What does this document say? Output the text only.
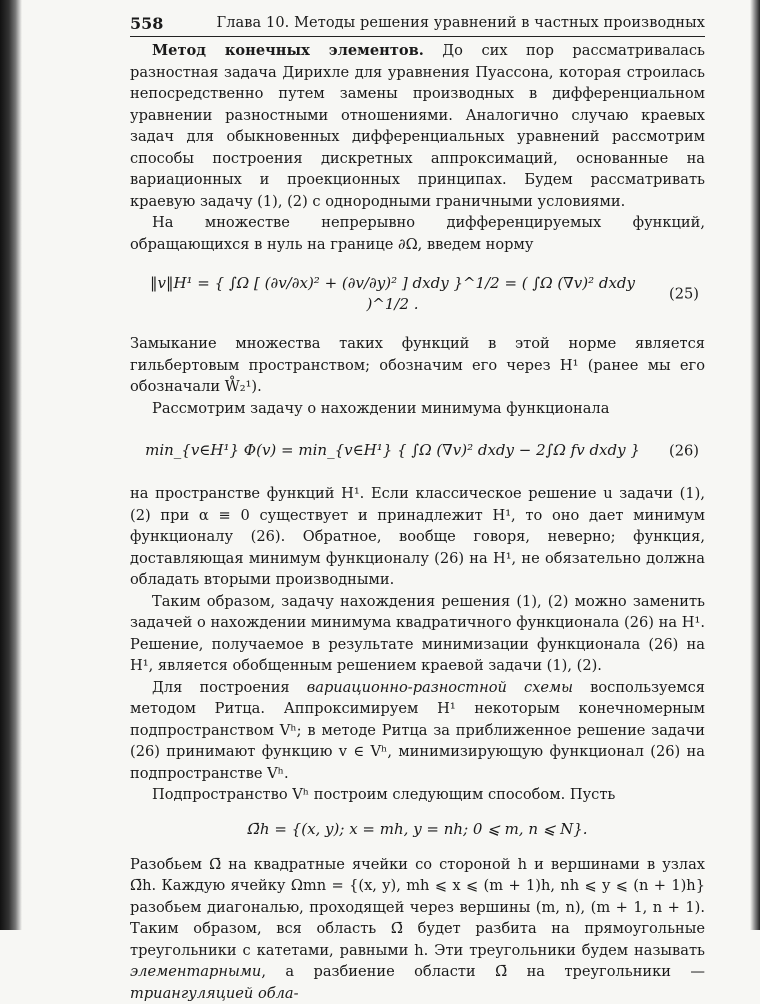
558	Глава 10. Методы решения уравнений в частных производных

Метод конечных элементов. До сих пор рассматривалась разностная задача Дирихле для уравнения Пуассона, которая строилась непосредственно путем замены производных в дифференциальном уравнении разностными отношениями. Аналогично случаю краевых задач для обыкновенных дифференциальных уравнений рассмотрим способы построения дискретных аппроксимаций, основанные на вариационных и проекционных принципах. Будем рассматривать краевую задачу (1), (2) с однородными граничными условиями.

На множестве непрерывно дифференцируемых функций, обращающихся в нуль на границе ∂Ω, введем норму

‖v‖H¹ = { ∫Ω [ (∂v/∂x)² + (∂v/∂y)² ] dxdy }^1/2 = ( ∫Ω (∇v)² dxdy )^1/2 .
(25)

Замыкание множества таких функций в этой норме является гильбертовым пространством; обозначим его через H¹ (ранее мы его обозначали W̊₂¹).

Рассмотрим задачу о нахождении минимума функционала

min_{v∈H¹} Φ(v) = min_{v∈H¹} { ∫Ω (∇v)² dxdy − 2∫Ω fv dxdy }	(26)

на пространстве функций H¹. Если классическое решение u задачи (1), (2) при α ≡ 0 существует и принадлежит H¹, то оно дает минимум функционалу (26). Обратное, вообще говоря, неверно; функция, доставляющая минимум функционалу (26) на H¹, не обязательно должна обладать вторыми производными.

Таким образом, задачу нахождения решения (1), (2) можно заменить задачей о нахождении минимума квадратичного функционала (26) на H¹. Решение, получаемое в результате минимизации функционала (26) на H¹, является обобщенным решением краевой задачи (1), (2).

Для построения вариационно-разностной схемы воспользуемся методом Ритца. Аппроксимируем H¹ некоторым конечномерным подпространством Vʰ; в методе Ритца за приближенное решение задачи (26) принимают функцию v ∈ Vʰ, минимизирующую функционал (26) на подпространстве Vʰ.

Подпространство Vʰ построим следующим способом. Пусть

Ω̄h = {(x, y); x = mh, y = nh; 0 ⩽ m, n ⩽ N}.

Разобьем Ω̄ на квадратные ячейки со стороной h и вершинами в узлах Ω̄h. Каждую ячейку Ωmn = {(x, y), mh ⩽ x ⩽ (m + 1)h, nh ⩽ y ⩽ (n + 1)h} разобьем диагональю, проходящей через вершины (m, n), (m + 1, n + 1). Таким образом, вся область Ω̄ будет разбита на прямоугольные треугольники с катетами, равными h. Эти треугольники будем называть элементарными, а разбиение области Ω̄ на треугольники — триангуляцией обла-
